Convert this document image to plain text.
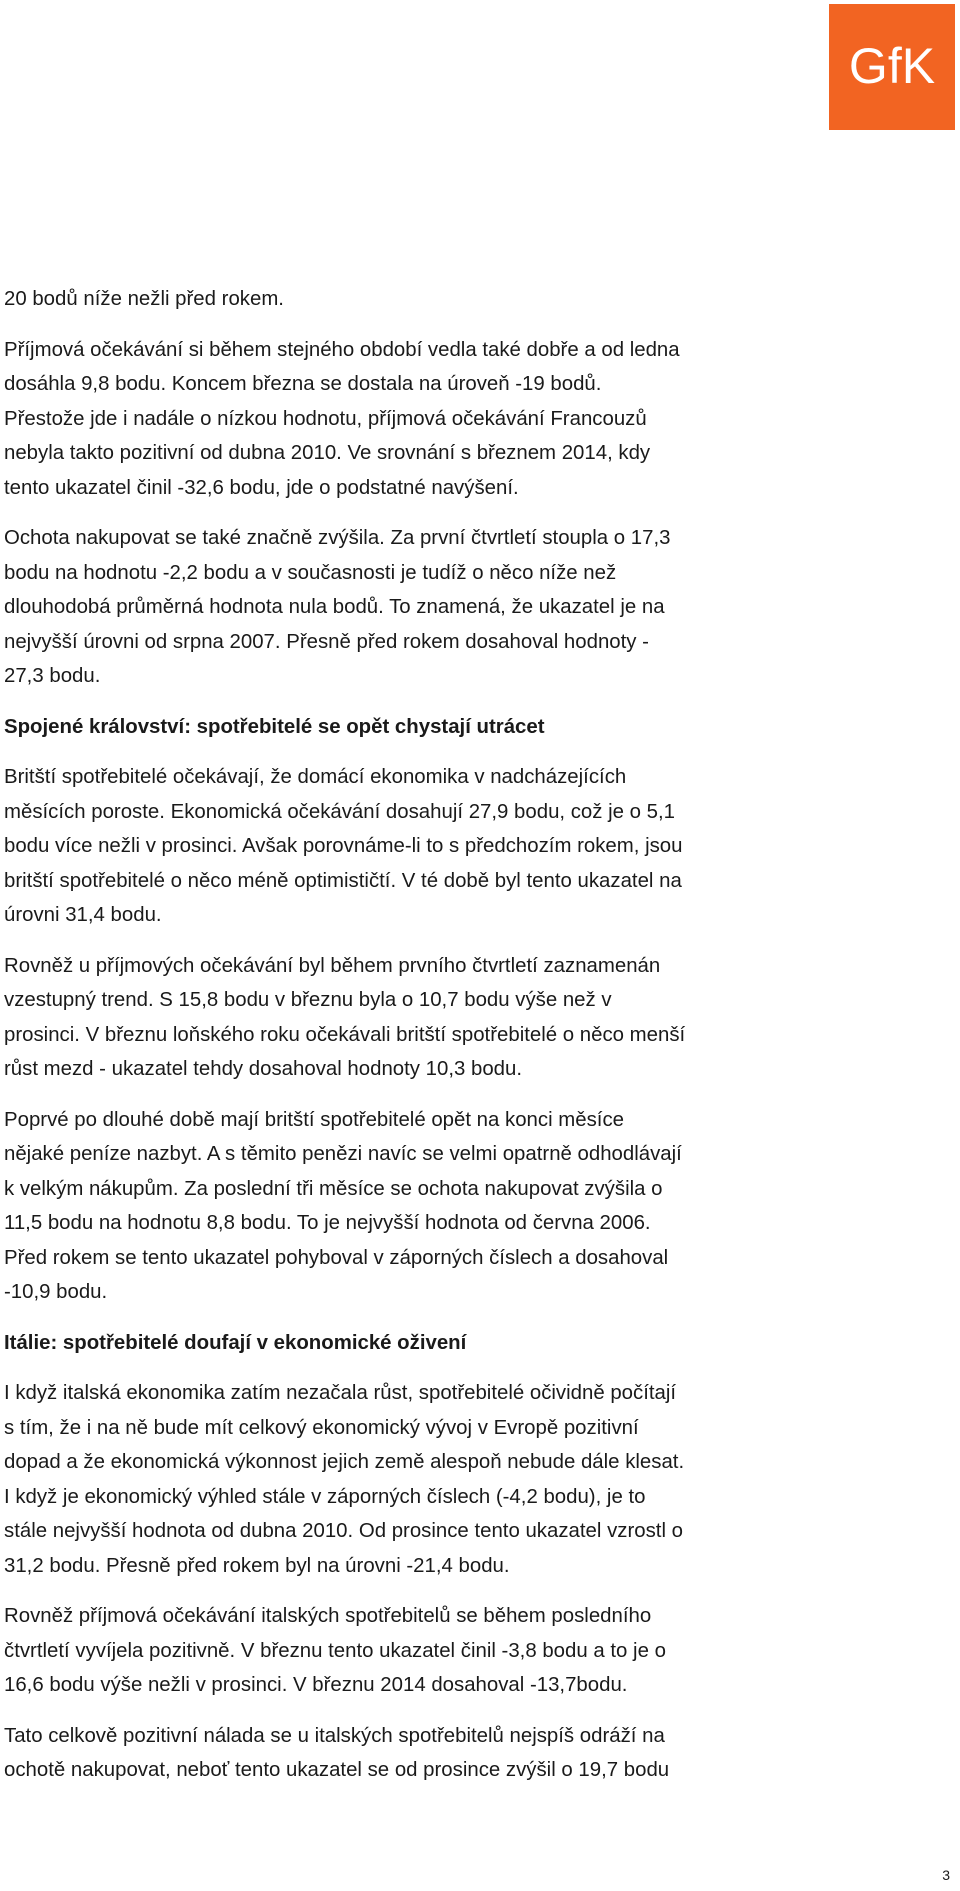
GfK
20 bodů níže nežli před rokem.
Příjmová očekávání si během stejného období vedla také dobře a od ledna
dosáhla 9,8 bodu. Koncem března se dostala na úroveň -19 bodů.
Přestože jde i nadále o nízkou hodnotu, příjmová očekávání Francouzů
nebyla takto pozitivní od dubna 2010. Ve srovnání s březnem 2014, kdy
tento ukazatel činil -32,6 bodu, jde o podstatné navýšení.
Ochota nakupovat se také značně zvýšila. Za první čtvrtletí stoupla o 17,3
bodu na hodnotu -2,2 bodu a v současnosti je tudíž o něco níže než
dlouhodobá průměrná hodnota nula bodů. To znamená, že ukazatel je na
nejvyšší úrovni od srpna 2007. Přesně před rokem dosahoval hodnoty -
27,3 bodu.
Spojené království: spotřebitelé se opět chystají utrácet
Britští spotřebitelé očekávají, že domácí ekonomika v nadcházejících
měsících poroste. Ekonomická očekávání dosahují 27,9 bodu, což je o 5,1
bodu více nežli v prosinci. Avšak porovnáme-li to s předchozím rokem, jsou
britští spotřebitelé o něco méně optimističtí. V té době byl tento ukazatel na
úrovni 31,4 bodu.
Rovněž u příjmových očekávání byl během prvního čtvrtletí zaznamenán
vzestupný trend. S 15,8 bodu v březnu byla o 10,7 bodu výše než v
prosinci. V březnu loňského roku očekávali britští spotřebitelé o něco menší
růst mezd - ukazatel tehdy dosahoval hodnoty 10,3 bodu.
Poprvé po dlouhé době mají britští spotřebitelé opět na konci měsíce
nějaké peníze nazbyt. A s těmito penězi navíc se velmi opatrně odhodlávají
k velkým nákupům. Za poslední tři měsíce se ochota nakupovat zvýšila o
11,5 bodu na hodnotu 8,8 bodu. To je nejvyšší hodnota od června 2006.
Před rokem se tento ukazatel pohyboval v záporných číslech a dosahoval
-10,9 bodu.
Itálie: spotřebitelé doufají v ekonomické oživení
I když italská ekonomika zatím nezačala růst, spotřebitelé očividně počítají
s tím, že i na ně bude mít celkový ekonomický vývoj v Evropě pozitivní
dopad a že ekonomická výkonnost jejich země alespoň nebude dále klesat.
I když je ekonomický výhled stále v záporných číslech (-4,2 bodu), je to
stále nejvyšší hodnota od dubna 2010. Od prosince tento ukazatel vzrostl o
31,2 bodu. Přesně před rokem byl na úrovni -21,4 bodu.
Rovněž příjmová očekávání italských spotřebitelů se během posledního
čtvrtletí vyvíjela pozitivně. V březnu tento ukazatel činil -3,8 bodu a to je o
16,6 bodu výše nežli v prosinci. V březnu 2014 dosahoval -13,7bodu.
Tato celkově pozitivní nálada se u italských spotřebitelů nejspíš odráží na
ochotě nakupovat, neboť tento ukazatel se od prosince zvýšil o 19,7 bodu
3
